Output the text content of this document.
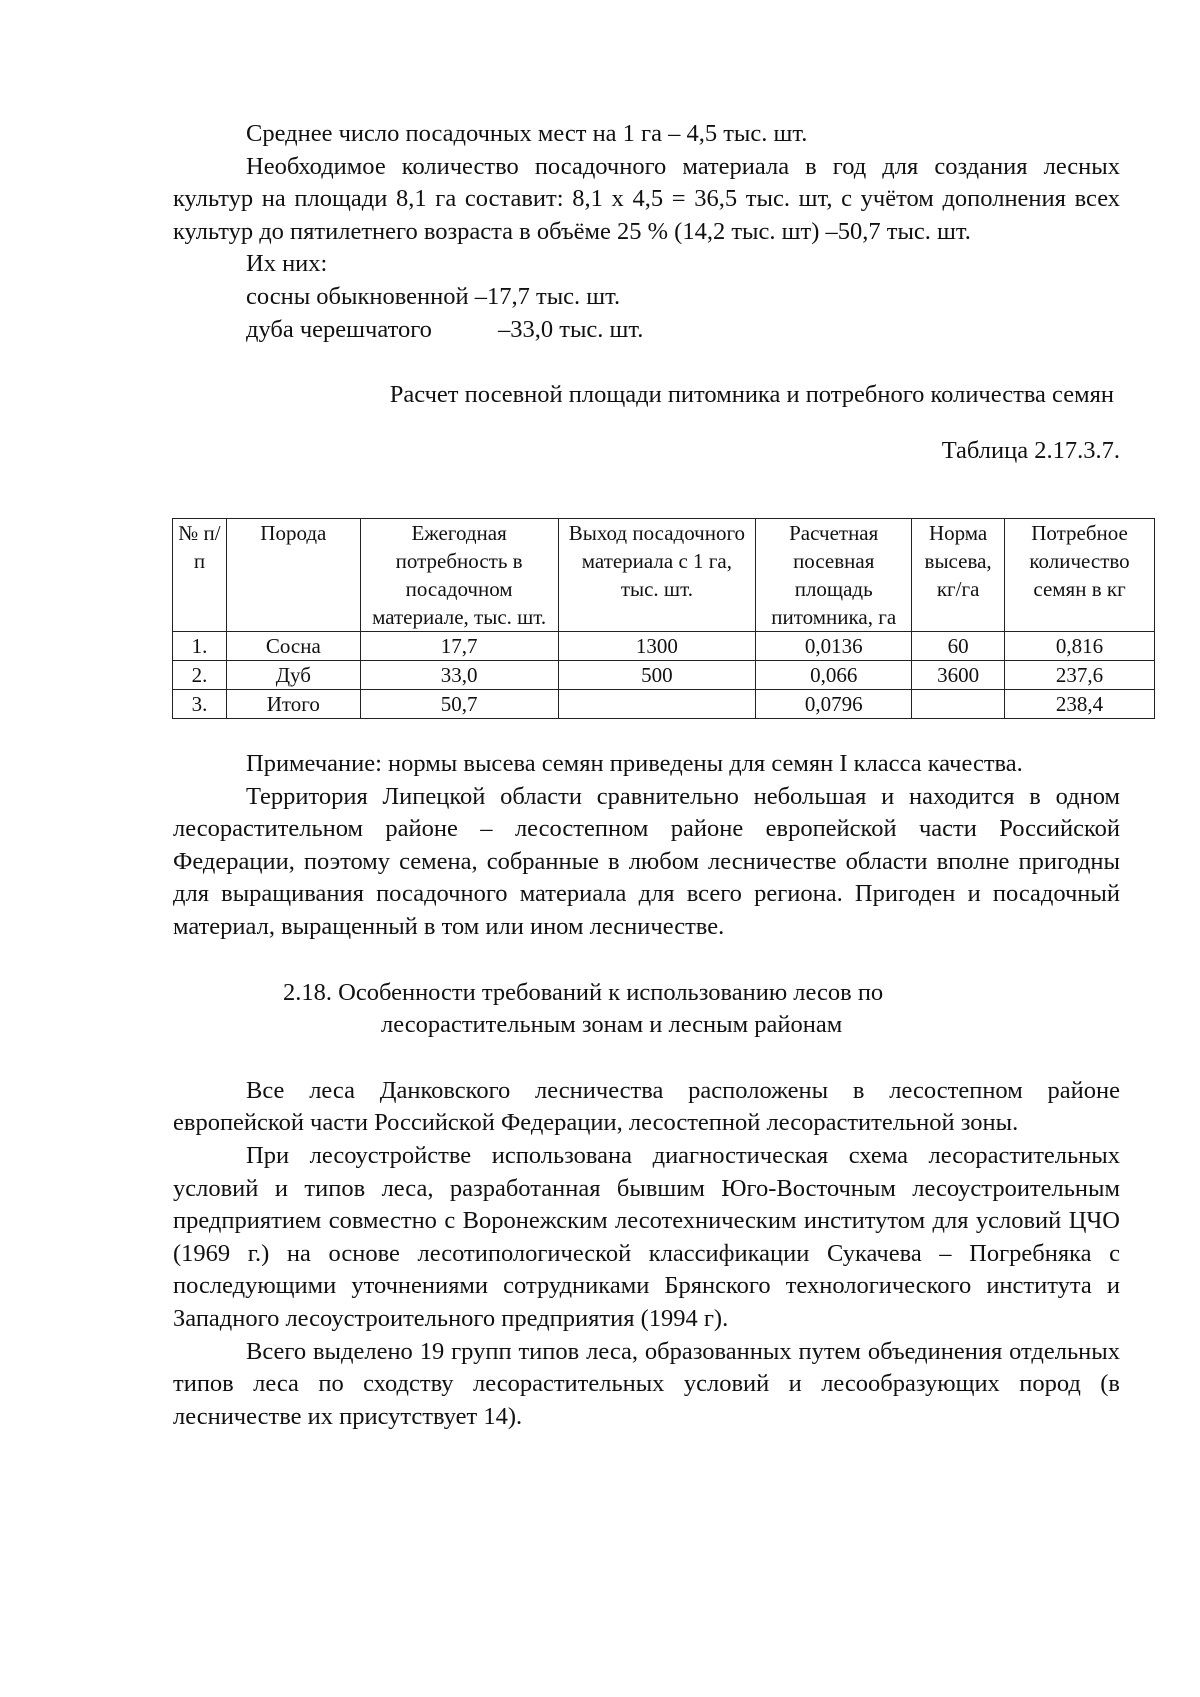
Среднее число посадочных мест на 1 га – 4,5 тыс. шт.

Необходимое количество посадочного материала в год для создания лесных культур на площади 8,1 га составит: 8,1 х 4,5 = 36,5 тыс. шт, с учётом дополнения всех культур до пятилетнего возраста в объёме 25 % (14,2 тыс. шт) –50,7 тыс. шт.

Их них:

сосны обыкновенной –17,7 тыс. шт.

дуба черешчатого	–33,0 тыс. шт.

Расчет посевной площади питомника и потребного количества семян

Таблица 2.17.3.7.

№ п/п	Порода	Ежегодная потребность в посадочном материале, тыс. шт.	Выход посадочного материала с 1 га, тыс. шт.	Расчетная посевная площадь питомника, га	Норма высева, кг/га	Потребное количество семян в кг
1.	Сосна	17,7	1300	0,0136	60	0,816
2.	Дуб	33,0	500	0,066	3600	237,6
3.	Итого	50,7		0,0796		238,4

Примечание: нормы высева семян приведены для семян I класса качества.

Территория Липецкой области сравнительно небольшая и находится в одном лесорастительном районе – лесостепном районе европейской части Российской Федерации, поэтому семена, собранные в любом лесничестве области вполне пригодны для выращивания посадочного материала для всего региона. Пригоден и посадочный материал, выращенный в том или ином лесничестве.

2.18. Особенности требований к использованию лесов по
лесорастительным зонам и лесным районам

Все леса Данковского лесничества расположены в лесостепном районе европейской части Российской Федерации, лесостепной лесорастительной зоны.

При лесоустройстве использована диагностическая схема лесорастительных условий и типов леса, разработанная бывшим Юго-Восточным лесоустроительным предприятием совместно с Воронежским лесотехническим институтом для условий ЦЧО (1969 г.) на основе лесотипологической классификации Сукачева – Погребняка с последующими уточнениями сотрудниками Брянского технологического института и Западного лесоустроительного предприятия (1994 г).

Всего выделено 19 групп типов леса, образованных путем объединения отдельных типов леса по сходству лесорастительных условий и лесообразующих пород (в лесничестве их присутствует 14).
